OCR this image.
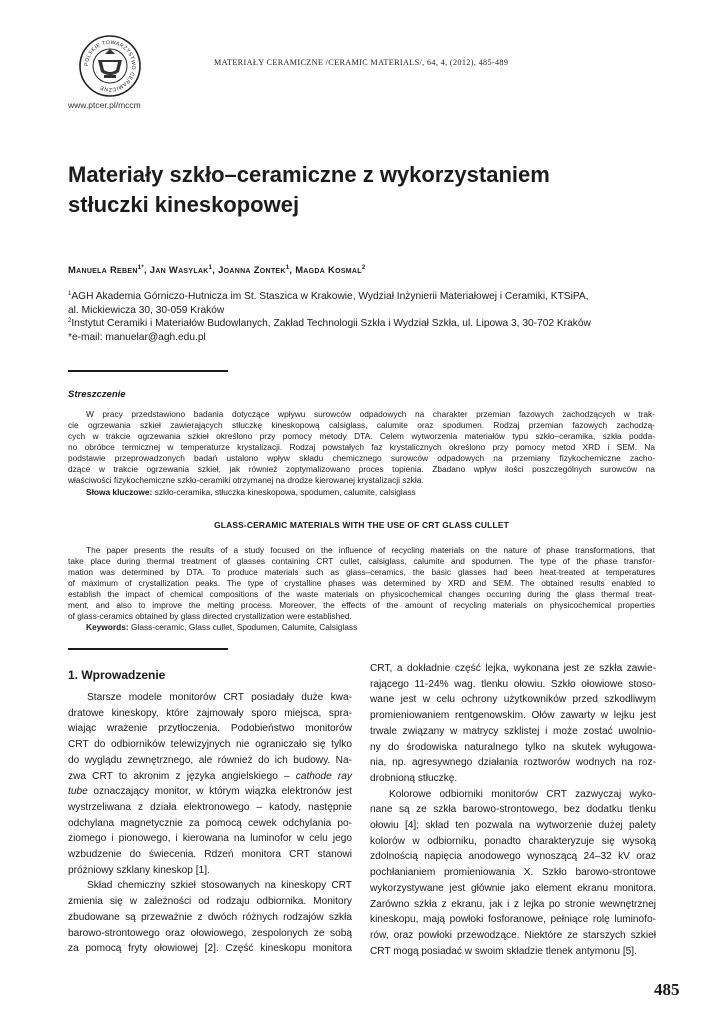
POLSKIE TOWARZYSTWO CERAMICZNE
www.ptcer.pl/mccm
MATERIAŁY CERAMICZNE /CERAMIC MATERIALS/, 64, 4, (2012), 485-489
Materiały szkło–ceramiczne z wykorzystaniem
stłuczki kineskopowej
Manuela Reben$^{1*}$, Jan Wasylak$^1$, Joanna Zontek$^1$, Magda Kosmal$^2$
$^1$AGH Akademia Górniczo-Hutnicza im St. Staszica w Krakowie, Wydział Inżynierii Materiałowej i Ceramiki, KTSiPA,
al. Mickiewicza 30, 30-059 Kraków
$^2$Instytut Ceramiki i Materiałów Budowlanych, Zakład Technologii Szkła i Wydział Szkła, ul. Lipowa 3, 30-702 Kraków
*e-mail: manuelar@agh.edu.pl
Streszczenie
W pracy przedstawiono badania dotyczące wpływu surowców odpadowych na charakter przemian fazowych zachodzących w trak-
cie ogrzewania szkieł zawierających stłuczkę kineskopową calsiglass, calumite oraz spodumen. Rodzaj przemian fazowych zachodzą-
cych w trakcie ogrzewania szkieł określono przy pomocy metody DTA. Celem wytworzenia materiałów typu szkło–ceramika, szkła podda-
no obróbce termicznej w temperaturze krystalizacji. Rodzaj powstałych faz krystalicznych określono przy pomocy metod XRD i SEM. Na
podstawie przeprowadzonych badań ustalono wpływ składu chemicznego surowców odpadowych na przemiany fizykochemiczne zacho-
dzące w trakcie ogrzewania szkieł, jak również zoptymalizowano proces topienia. Zbadano wpływ ilości poszczególnych surowców na
właściwości fizykochemiczne szkło-ceramiki otrzymanej na drodze kierowanej krystalizacji szkła.
Słowa kluczowe: szkło-ceramika, stłuczka kineskopowa, spodumen, calumite, calsiglass
GLASS-CERAMIC MATERIALS WITH THE USE OF CRT GLASS CULLET
The paper presents the results of a study focused on the influence of recycling materials on the nature of phase transformations, that
take place during thermal treatment of glasses containing CRT cullet, calsiglass, calumite and spodumen. The type of the phase transfor-
mation was determined by DTA. To produce materials such as glass–ceramics, the basic glasses had been heat-treated at temperatures
of maximum of crystallization peaks. The type of crystalline phases was determined by XRD and SEM. The obtained results enabled to
establish the impact of chemical compositions of the waste materials on physicochemical changes occurring during the glass thermal treat-
ment, and also to improve the melting process. Moreover, the effects of the amount of recycling materials on physicochemical properties
of glass-ceramics obtained by glass directed crystallization were established.
Keywords: Glass-ceramic, Glass cullet, Spodumen, Calumite, Calsiglass
1. Wprowadzenie
Starsze modele monitorów CRT posiadały duże kwa-
dratowe kineskopy, które zajmowały sporo miejsca, spra-
wiając wrażenie przytłoczenia. Podobieństwo monitorów
CRT do odbiorników telewizyjnych nie ograniczało się tylko
do wyglądu zewnętrznego, ale również do ich budowy. Na-
zwa CRT to akronim z języka angielskiego – cathode ray
tube oznaczający monitor, w którym wiązka elektronów jest
wystrzeliwana z działa elektronowego – katody, następnie
odchylana magnetycznie za pomocą cewek odchylania po-
ziomego i pionowego, i kierowana na luminofor w celu jego
wzbudzenie do świecenia. Rdzeń monitora CRT stanowi
próżniowy szklany kineskop [1].
Skład chemiczny szkieł stosowanych na kineskopy CRT
zmienia się w zależności od rodzaju odbiornika. Monitory
zbudowane są przeważnie z dwóch różnych rodzajów szkła
barowo-strontowego oraz ołowiowego, zespolonych ze sobą
za pomocą fryty ołowiowej [2]. Część kineskopu monitora
CRT, a dokładnie część lejka, wykonana jest ze szkła zawie-
rającego 11-24% wag. tlenku ołowiu. Szkło ołowiowe stoso-
wane jest w celu ochrony użytkowników przed szkodliwym
promieniowaniem rentgenowskim. Ołów zawarty w lejku jest
trwale związany w matrycy szklistej i może zostać uwolnio-
ny do środowiska naturalnego tylko na skutek wyługowa-
nia, np. agresywnego działania roztworów wodnych na roz-
drobnioną stłuczkę.
Kolorowe odbiorniki monitorów CRT zazwyczaj wyko-
nane są ze szkła barowo-strontowego, bez dodatku tlenku
ołowiu [4]; skład ten pozwala na wytworzenie dużej palety
kolorów w odbiorniku, ponadto charakteryzuje się wysoką
zdolnością napięcia anodowego wynoszącą 24–32 kV oraz
pochłanianiem promieniowania X. Szkło barowo-strontowe
wykorzystywane jest głównie jako element ekranu monitora.
Zarówno szkła z ekranu, jak i z lejka po stronie wewnętrznej
kineskopu, mają powłoki fosforanowe, pełniące rolę luminofo-
rów, oraz powłoki przewodzące. Niektóre ze starszych szkieł
CRT mogą posiadać w swoim składzie tlenek antymonu [5].
485
